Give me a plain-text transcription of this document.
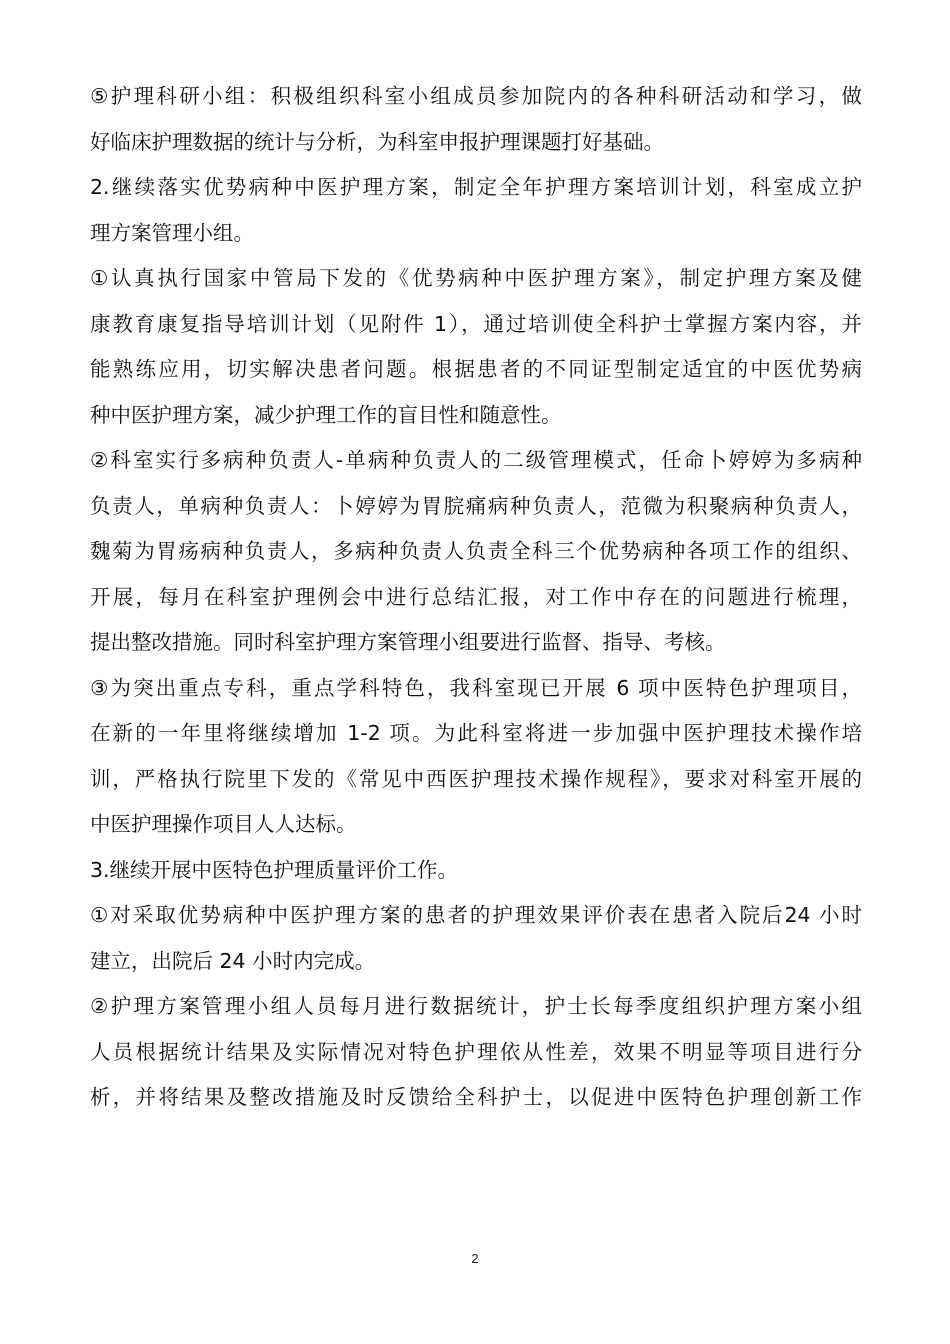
⑤护理科研小组：积极组织科室小组成员参加院内的各种科研活动和学习，做
好临床护理数据的统计与分析，为科室申报护理课题打好基础。
2.继续落实优势病种中医护理方案，制定全年护理方案培训计划，科室成立护
理方案管理小组。
①认真执行国家中管局下发的《优势病种中医护理方案》，制定护理方案及健
康教育康复指导培训计划（见附件 1），通过培训使全科护士掌握方案内容，并
能熟练应用，切实解决患者问题。根据患者的不同证型制定适宜的中医优势病
种中医护理方案，减少护理工作的盲目性和随意性。
②科室实行多病种负责人-单病种负责人的二级管理模式，任命卜婷婷为多病种
负责人，单病种负责人：卜婷婷为胃脘痛病种负责人，范微为积聚病种负责人，
魏菊为胃疡病种负责人，多病种负责人负责全科三个优势病种各项工作的组织、
开展，每月在科室护理例会中进行总结汇报，对工作中存在的问题进行梳理，
提出整改措施。同时科室护理方案管理小组要进行监督、指导、考核。
③为突出重点专科，重点学科特色，我科室现已开展 6 项中医特色护理项目，
在新的一年里将继续增加 1-2 项。为此科室将进一步加强中医护理技术操作培
训，严格执行院里下发的《常见中西医护理技术操作规程》，要求对科室开展的
中医护理操作项目人人达标。
3.继续开展中医特色护理质量评价工作。
①对采取优势病种中医护理方案的患者的护理效果评价表在患者入院后24 小时
建立，出院后 24 小时内完成。
②护理方案管理小组人员每月进行数据统计，护士长每季度组织护理方案小组
人员根据统计结果及实际情况对特色护理依从性差，效果不明显等项目进行分
析，并将结果及整改措施及时反馈给全科护士，以促进中医特色护理创新工作
2
